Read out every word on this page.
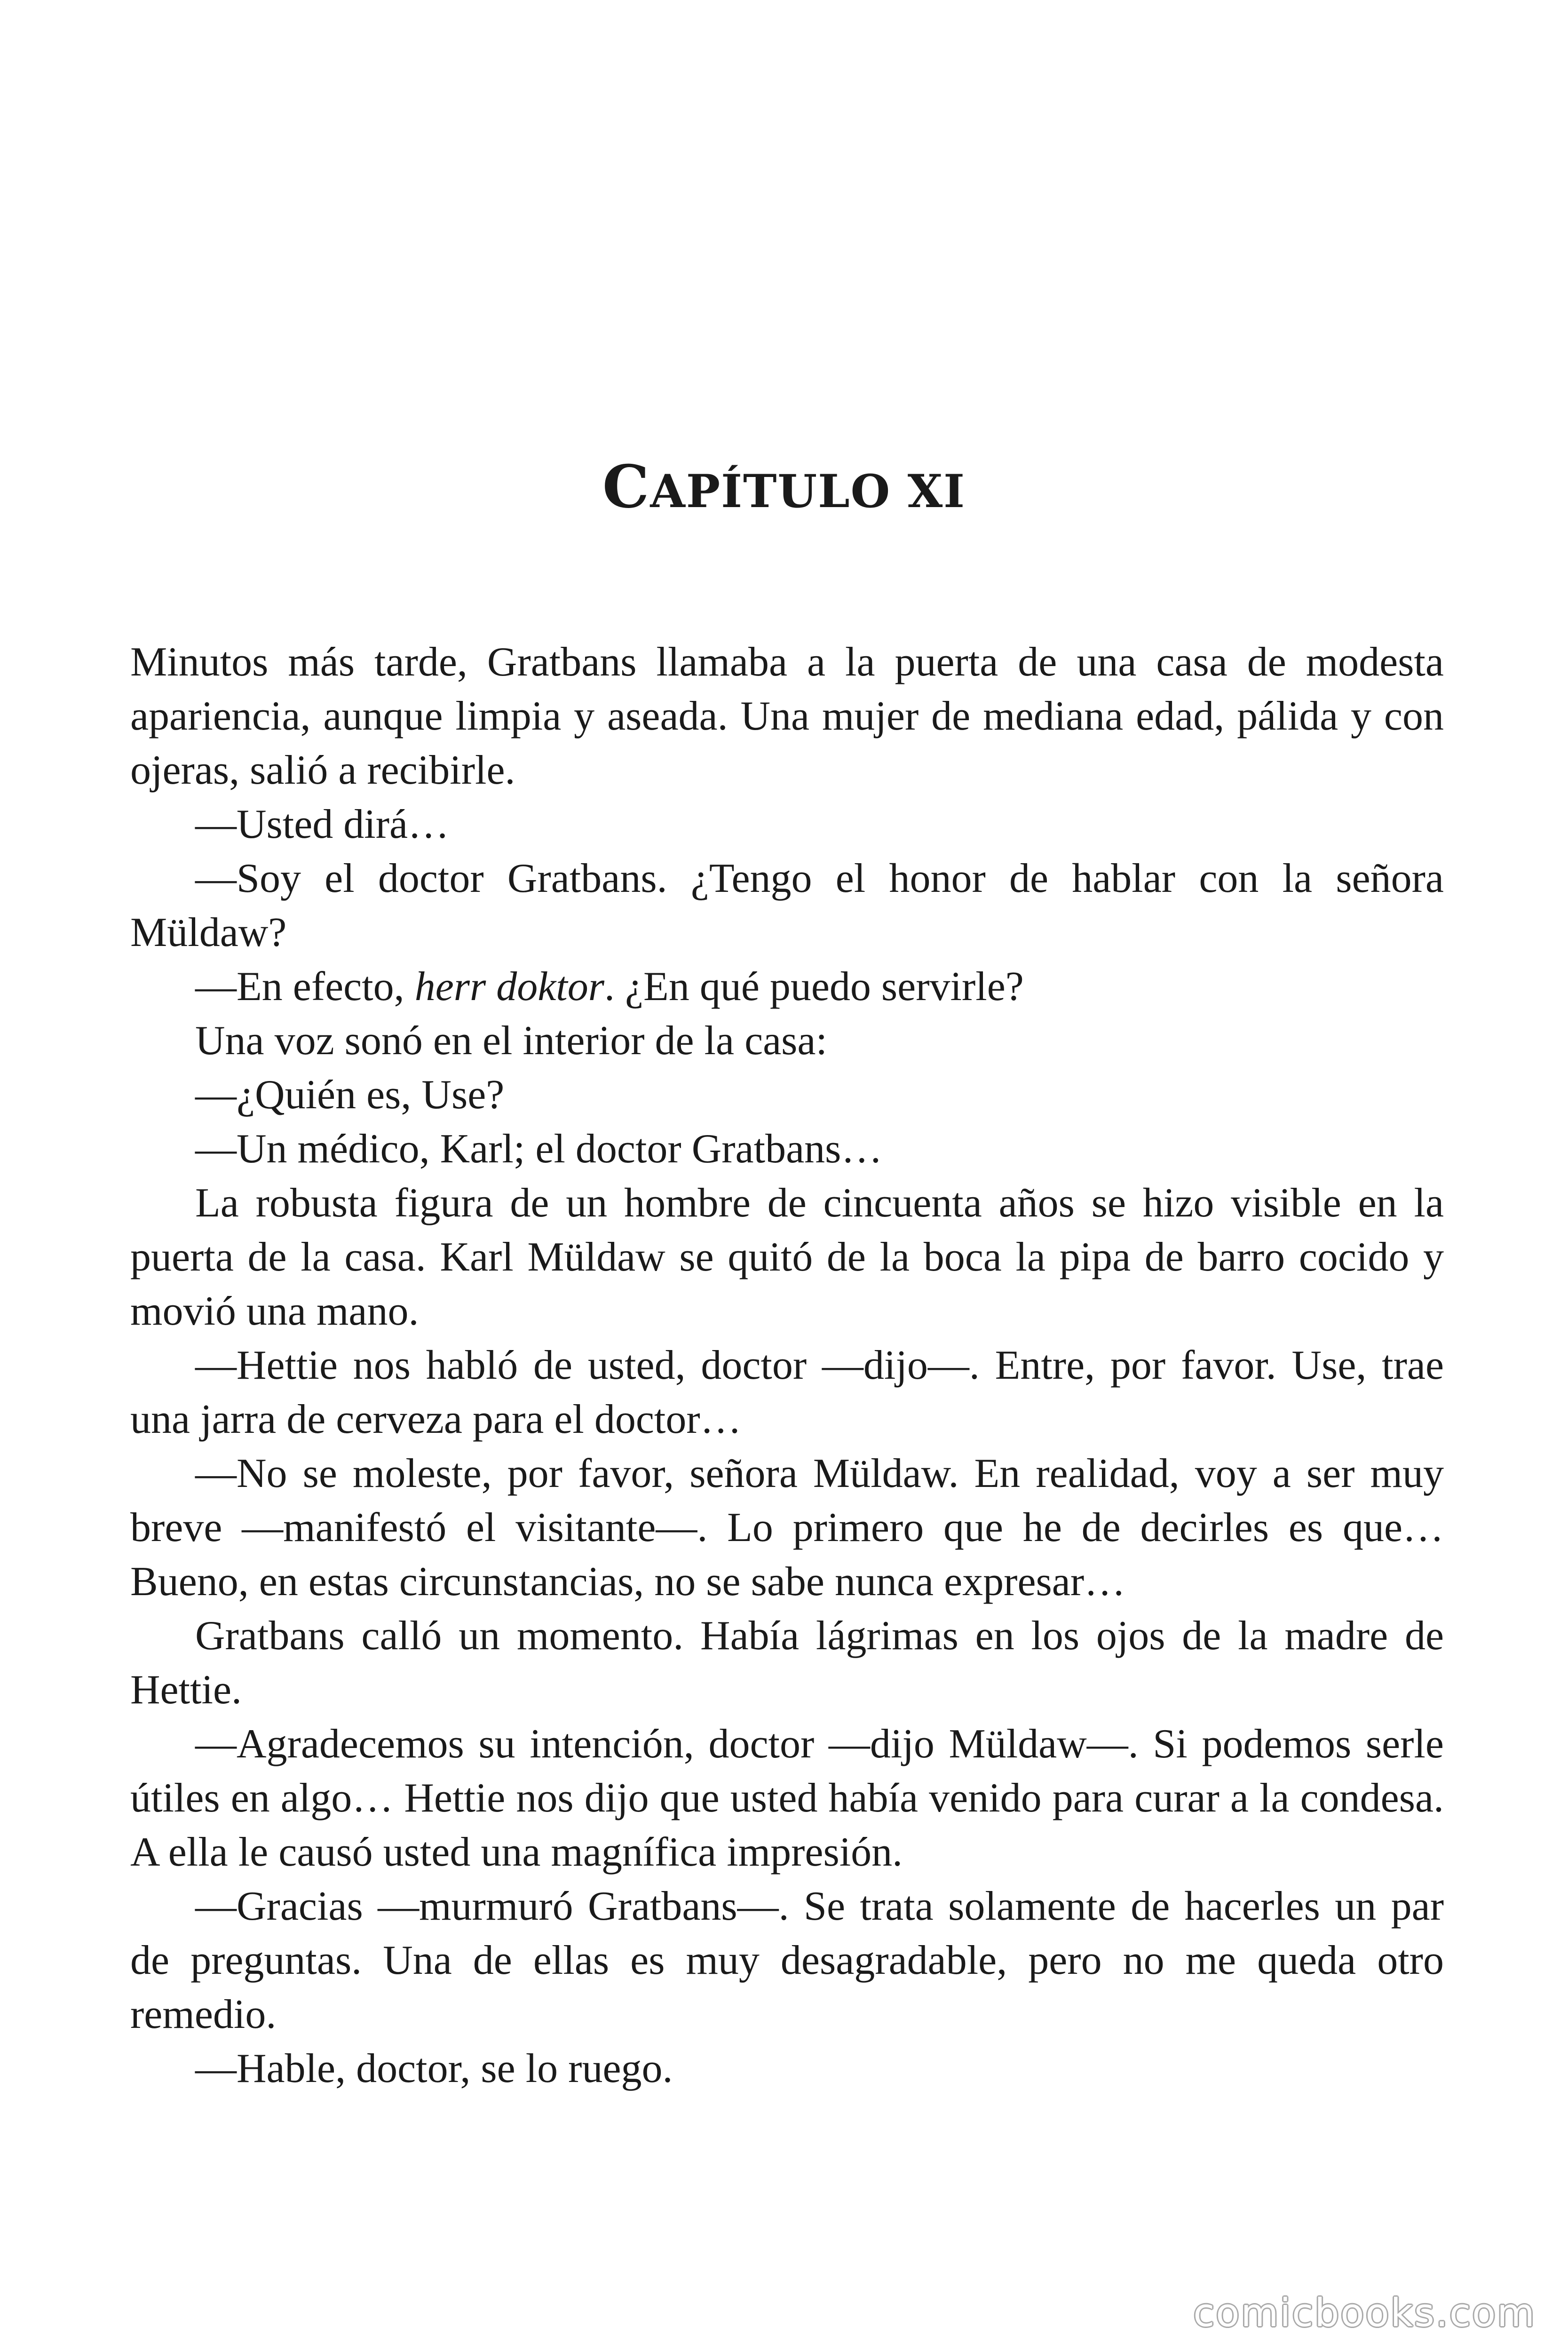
CAPÍTULO XI

Minutos más tarde, Gratbans llamaba a la puerta de una casa de modesta apariencia, aunque limpia y aseada. Una mujer de mediana edad, pálida y con ojeras, salió a recibirle.

—Usted dirá…

—Soy el doctor Gratbans. ¿Tengo el honor de hablar con la señora Müldaw?

—En efecto, herr doktor. ¿En qué puedo servirle?

Una voz sonó en el interior de la casa:

—¿Quién es, Use?

—Un médico, Karl; el doctor Gratbans…

La robusta figura de un hombre de cincuenta años se hizo visible en la puerta de la casa. Karl Müldaw se quitó de la boca la pipa de barro cocido y movió una mano.

—Hettie nos habló de usted, doctor —dijo—. Entre, por favor. Use, trae una jarra de cerveza para el doctor…

—No se moleste, por favor, señora Müldaw. En realidad, voy a ser muy breve —manifestó el visitante—. Lo primero que he de decirles es que… Bueno, en estas circunstancias, no se sabe nunca expresar…

Gratbans calló un momento. Había lágrimas en los ojos de la madre de Hettie.

—Agradecemos su intención, doctor —dijo Müldaw—. Si podemos serle útiles en algo… Hettie nos dijo que usted había venido para curar a la condesa. A ella le causó usted una magnífica impresión.

—Gracias —murmuró Gratbans—. Se trata solamente de hacerles un par de preguntas. Una de ellas es muy desagradable, pero no me queda otro remedio.

—Hable, doctor, se lo ruego.

comicbooks.com
